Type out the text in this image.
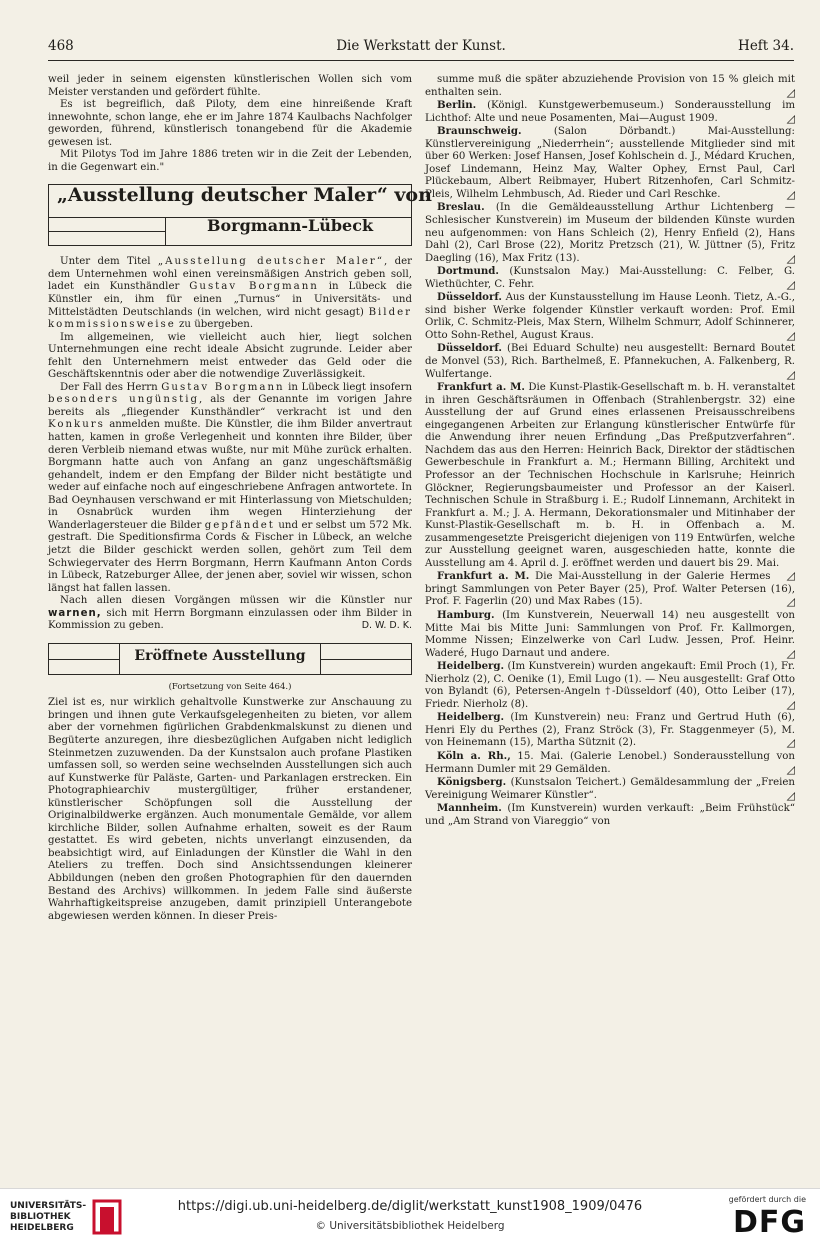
468	Die Werkstatt der Kunst.	Heft 34.

weil jeder in seinem eigensten künstlerischen Wollen sich vom Meister verstanden und gefördert fühlte.

Es ist begreiflich, daß Piloty, dem eine hinreißende Kraft innewohnte, schon lange, ehe er im Jahre 1874 Kaulbachs Nachfolger geworden, führend, künstlerisch tonangebend für die Akademie gewesen ist.

Mit Pilotys Tod im Jahre 1886 treten wir in die Zeit der Lebenden, in die Gegenwart ein."

„Ausstellung deutscher Maler“ von
Borgmann-Lübeck

Unter dem Titel „Ausstellung deutscher Maler“, der dem Unternehmen wohl einen vereinsmäßigen Anstrich geben soll, ladet ein Kunsthändler Gustav Borgmann in Lübeck die Künstler ein, ihm für einen „Turnus“ in Universitäts- und Mittelstädten Deutschlands (in welchen, wird nicht gesagt) Bilder kommissionsweise zu übergeben.

Im allgemeinen, wie vielleicht auch hier, liegt solchen Unternehmungen eine recht ideale Absicht zugrunde. Leider aber fehlt den Unternehmern meist entweder das Geld oder die Geschäftskenntnis oder aber die notwendige Zuverlässigkeit.

Der Fall des Herrn Gustav Borgmann in Lübeck liegt insofern besonders ungünstig, als der Genannte im vorigen Jahre bereits als „fliegender Kunsthändler“ verkracht ist und den Konkurs anmelden mußte. Die Künstler, die ihm Bilder anvertraut hatten, kamen in große Verlegenheit und konnten ihre Bilder, über deren Verbleib niemand etwas wußte, nur mit Mühe zurück erhalten. Borgmann hatte auch von Anfang an ganz ungeschäftsmäßig gehandelt, indem er den Empfang der Bilder nicht bestätigte und weder auf einfache noch auf eingeschriebene Anfragen antwortete. In Bad Oeynhausen verschwand er mit Hinterlassung von Mietschulden; in Osnabrück wurden ihm wegen Hinterziehung der Wanderlagersteuer die Bilder gepfändet und er selbst um 572 Mk. gestraft. Die Speditionsfirma Cords & Fischer in Lübeck, an welche jetzt die Bilder geschickt werden sollen, gehört zum Teil dem Schwiegervater des Herrn Borgmann, Herrn Kaufmann Anton Cords in Lübeck, Ratzeburger Allee, der jenen aber, soviel wir wissen, schon längst hat fallen lassen.

Nach allen diesen Vorgängen müssen wir die Künstler nur warnen, sich mit Herrn Borgmann einzulassen oder ihm Bilder in Kommission zu geben.	D. W. D. K.

Eröffnete Ausstellung
(Fortsetzung von Seite 464.)

Ziel ist es, nur wirklich gehaltvolle Kunstwerke zur Anschauung zu bringen und ihnen gute Verkaufsgelegenheiten zu bieten, vor allem aber der vornehmen figürlichen Grabdenkmalskunst zu dienen und Begüterte anzuregen, ihre diesbezüglichen Aufgaben nicht lediglich Steinmetzen zuzuwenden. Da der Kunstsalon auch profane Plastiken umfassen soll, so werden seine wechselnden Ausstellungen sich auch auf Kunstwerke für Paläste, Garten- und Parkanlagen erstrecken. Ein Photographiearchiv mustergültiger, früher erstandener, künstlerischer Schöpfungen soll die Ausstellung der Originalbildwerke ergänzen. Auch monumentale Gemälde, vor allem kirchliche Bilder, sollen Aufnahme erhalten, soweit es der Raum gestattet. Es wird gebeten, nichts unverlangt einzusenden, da beabsichtigt wird, auf Einladungen der Künstler die Wahl in den Ateliers zu treffen. Doch sind Ansichtssendungen kleinerer Abbildungen (neben den großen Photographien für den dauernden Bestand des Archivs) willkommen. In jedem Falle sind äußerste Wahrhaftigkeitspreise anzugeben, damit prinzipiell Unterangebote abgewiesen werden können. In dieser Preis-

summe muß die später abzuziehende Provision von 15 % gleich mit enthalten sein.	◿

Berlin. (Königl. Kunstgewerbemuseum.) Sonderausstellung im Lichthof: Alte und neue Posamenten, Mai—August 1909.	◿

Braunschweig. (Salon Dörbandt.) Mai-Ausstellung: Künstlervereinigung „Niederrhein“; ausstellende Mitglieder sind mit über 60 Werken: Josef Hansen, Josef Kohlschein d. J., Médard Kruchen, Josef Lindemann, Heinz May, Walter Ophey, Ernst Paul, Carl Plückebaum, Albert Reibmayer, Hubert Ritzenhofen, Carl Schmitz-Pleis, Wilhelm Lehmbusch, Ad. Rieder und Carl Reschke.	◿

Breslau. (In die Gemäldeausstellung Arthur Lichtenberg — Schlesischer Kunstverein) im Museum der bildenden Künste wurden neu aufgenommen: von Hans Schleich (2), Henry Enfield (2), Hans Dahl (2), Carl Brose (22), Moritz Pretzsch (21), W. Jüttner (5), Fritz Daegling (16), Max Fritz (13).	◿

Dortmund. (Kunstsalon May.) Mai-Ausstellung: C. Felber, G. Wiethüchter, C. Fehr.	◿

Düsseldorf. Aus der Kunstausstellung im Hause Leonh. Tietz, A.-G., sind bisher Werke folgender Künstler verkauft worden: Prof. Emil Orlik, C. Schmitz-Pleis, Max Stern, Wilhelm Schmurr, Adolf Schinnerer, Otto Sohn-Rethel, August Kraus.	◿

Düsseldorf. (Bei Eduard Schulte) neu ausgestellt: Bernard Boutet de Monvel (53), Rich. Barthelmeß, E. Pfannekuchen, A. Falkenberg, R. Wulfertange.	◿

Frankfurt a. M. Die Kunst-Plastik-Gesellschaft m. b. H. veranstaltet in ihren Geschäftsräumen in Offenbach (Strahlenbergstr. 32) eine Ausstellung der auf Grund eines erlassenen Preisausschreibens eingegangenen Arbeiten zur Erlangung künstlerischer Entwürfe für die Anwendung ihrer neuen Erfindung „Das Preßputzverfahren“. Nachdem das aus den Herren: Heinrich Back, Direktor der städtischen Gewerbeschule in Frankfurt a. M.; Hermann Billing, Architekt und Professor an der Technischen Hochschule in Karlsruhe; Heinrich Glöckner, Regierungsbaumeister und Professor an der Kaiserl. Technischen Schule in Straßburg i. E.; Rudolf Linnemann, Architekt in Frankfurt a. M.; J. A. Hermann, Dekorationsmaler und Mitinhaber der Kunst-Plastik-Gesellschaft m. b. H. in Offenbach a. M. zusammengesetzte Preisgericht diejenigen von 119 Entwürfen, welche zur Ausstellung geeignet waren, ausgeschieden hatte, konnte die Ausstellung am 4. April d. J. eröffnet werden und dauert bis 29. Mai.
◿

Frankfurt a. M. Die Mai-Ausstellung in der Galerie Hermes bringt Sammlungen von Peter Bayer (25), Prof. Walter Petersen (16), Prof. F. Fagerlin (20) und Max Rabes (15).	◿

Hamburg. (Im Kunstverein, Neuerwall 14) neu ausgestellt von Mitte Mai bis Mitte Juni: Sammlungen von Prof. Fr. Kallmorgen, Momme Nissen; Einzelwerke von Carl Ludw. Jessen, Prof. Heinr. Waderé, Hugo Darnaut und andere.	◿

Heidelberg. (Im Kunstverein) wurden angekauft: Emil Proch (1), Fr. Nierholz (2), C. Oenike (1), Emil Lugo (1). — Neu ausgestellt: Graf Otto von Bylandt (6), Petersen-Angeln †-Düsseldorf (40), Otto Leiber (17), Friedr. Nierholz (8).	◿

Heidelberg. (Im Kunstverein) neu: Franz und Gertrud Huth (6), Henri Ely du Perthes (2), Franz Ströck (3), Fr. Staggenmeyer (5), M. von Heinemann (15), Martha Sütznit (2).	◿

Köln a. Rh., 15. Mai. (Galerie Lenobel.) Sonderausstellung von Hermann Dumler mit 29 Gemälden.	◿

Königsberg. (Kunstsalon Teichert.) Gemäldesammlung der „Freien Vereinigung Weimarer Künstler“.	◿

Mannheim. (Im Kunstverein) wurden verkauft: „Beim Frühstück“ und „Am Strand von Viareggio“ von

UNIVERSITÄTS-
BIBLIOTHEK
HEIDELBERG
https://digi.ub.uni-heidelberg.de/diglit/werkstatt_kunst1908_1909/0476
© Universitätsbibliothek Heidelberg
gefördert durch die
DFG
